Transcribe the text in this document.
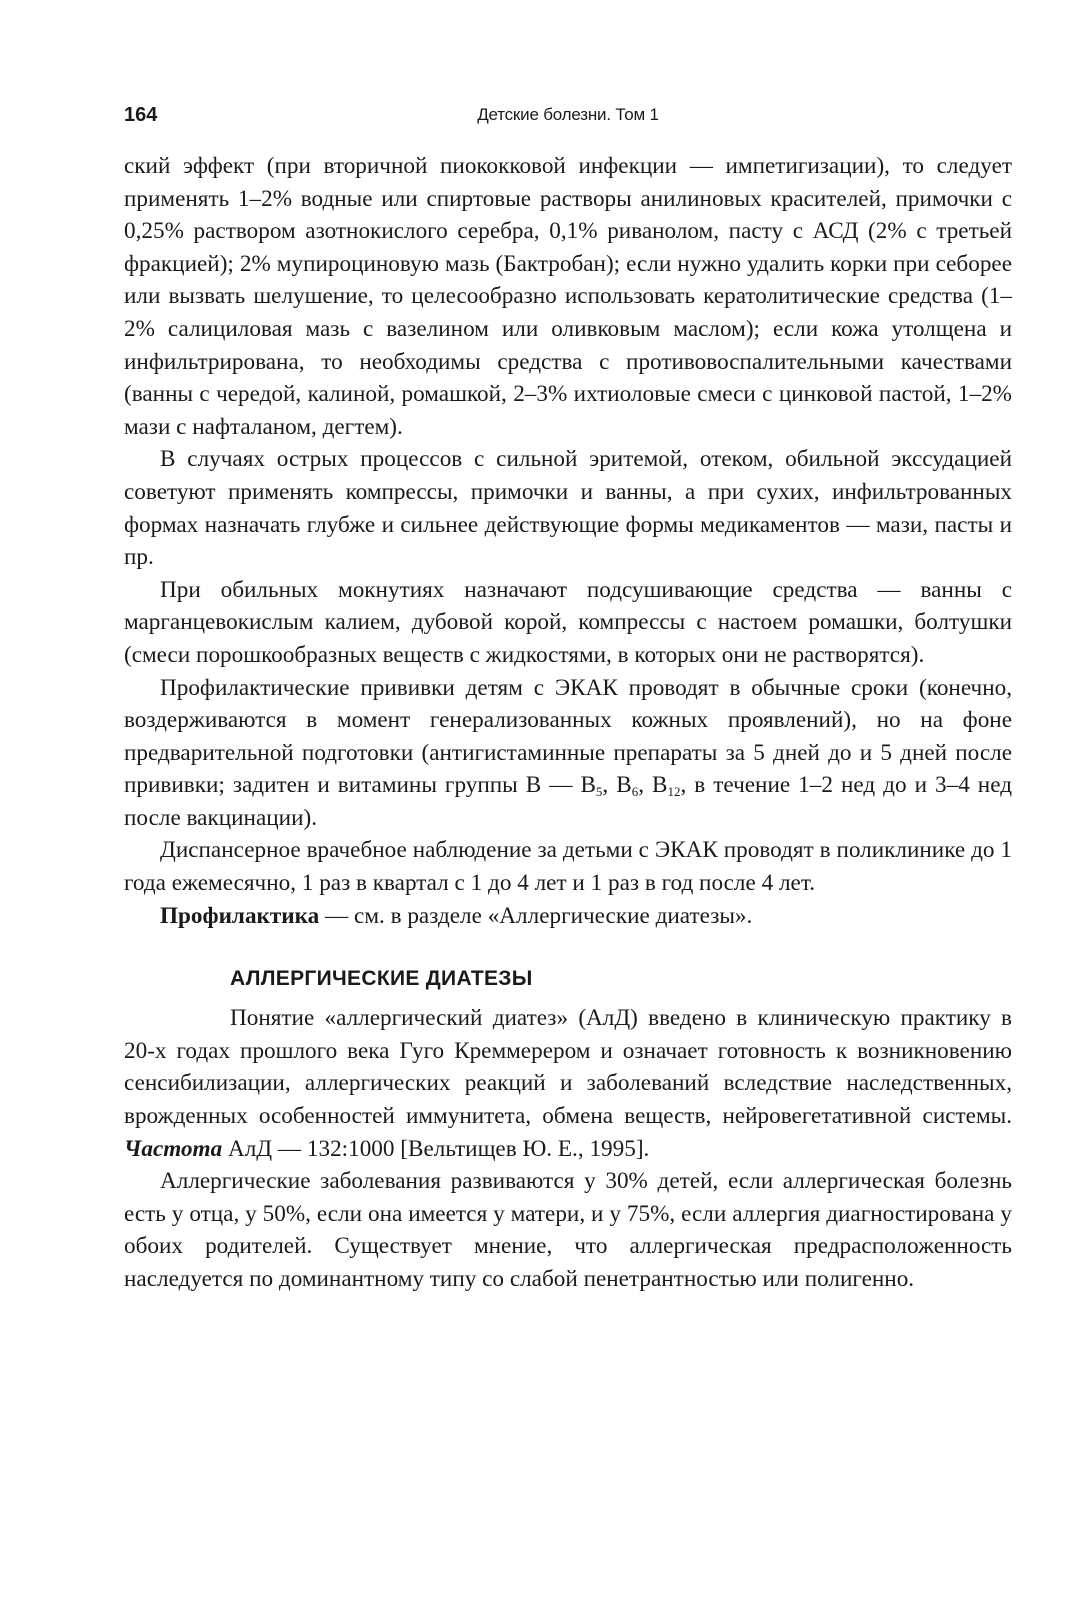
164	Детские болезни. Том 1

ский эффект (при вторичной пиококковой инфекции — импетигизации), то следует применять 1–2% водные или спиртовые растворы анилиновых красителей, примочки с 0,25% раствором азотнокислого серебра, 0,1% риванолом, пасту с АСД (2% с третьей фракцией); 2% мупироциновую мазь (Бактробан); если нужно удалить корки при себорее или вызвать шелушение, то целесообразно использовать кератолитические средства (1–2% салициловая мазь с вазелином или оливковым маслом); если кожа утолщена и инфильтрирована, то необходимы средства с противовоспалительными качествами (ванны с чередой, калиной, ромашкой, 2–3% ихтиоловые смеси с цинковой пастой, 1–2% мази с нафталаном, дегтем).

В случаях острых процессов с сильной эритемой, отеком, обильной экссудацией советуют применять компрессы, примочки и ванны, а при сухих, инфильтрованных формах назначать глубже и сильнее действующие формы медикаментов — мази, пасты и пр.

При обильных мокнутиях назначают подсушивающие средства — ванны с марганцевокислым калием, дубовой корой, компрессы с настоем ромашки, болтушки (смеси порошкообразных веществ с жидкостями, в которых они не растворятся).

Профилактические прививки детям с ЭКАК проводят в обычные сроки (конечно, воздерживаются в момент генерализованных кожных проявлений), но на фоне предварительной подготовки (антигистаминные препараты за 5 дней до и 5 дней после прививки; задитен и витамины группы В — $В_5$, $В_6$, $В_{12}$, в течение 1–2 нед до и 3–4 нед после вакцинации).

Диспансерное врачебное наблюдение за детьми с ЭКАК проводят в поликлинике до 1 года ежемесячно, 1 раз в квартал с 1 до 4 лет и 1 раз в год после 4 лет.

Профилактика — см. в разделе «Аллергические диатезы».

АЛЛЕРГИЧЕСКИЕ ДИАТЕЗЫ

Понятие «аллергический диатез» (АлД) введено в клиническую практику в 20-х годах прошлого века Гуго Креммерером и означает готовность к возникновению сенсибилизации, аллергических реакций и заболеваний вследствие наследственных, врожденных особенностей иммунитета, обмена веществ, нейровегетативной системы. Частота АлД — 132:1000 [Вельтищев Ю. Е., 1995].

Аллергические заболевания развиваются у 30% детей, если аллергическая болезнь есть у отца, у 50%, если она имеется у матери, и у 75%, если аллергия диагностирована у обоих родителей. Существует мнение, что аллергическая предрасположенность наследуется по доминантному типу со слабой пенетрантностью или полигенно.
